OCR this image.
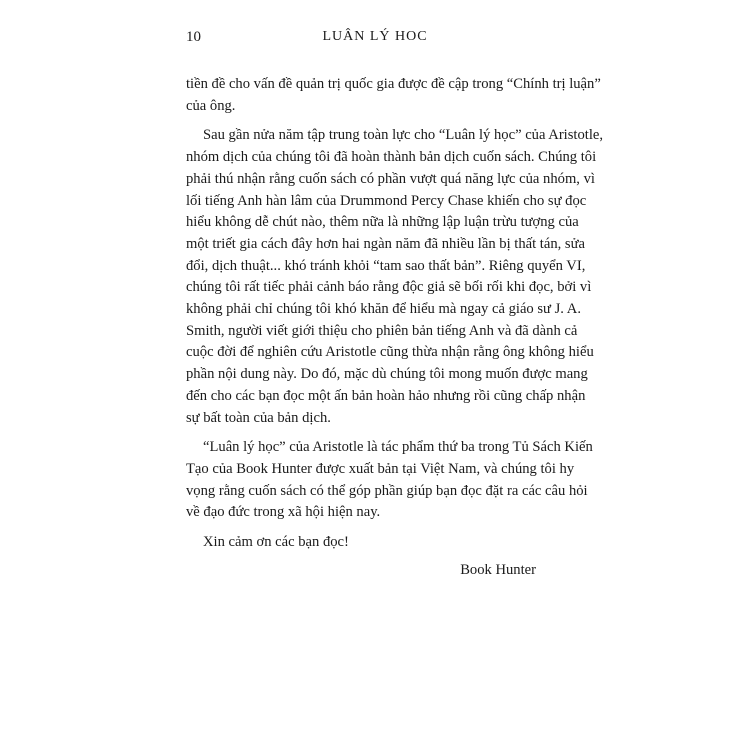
10	LUÂN LÝ HOC

tiền đề cho vấn đề quản trị quốc gia được đề cập trong “Chính trị luận”
của ông.

Sau gần nửa năm tập trung toàn lực cho “Luân lý học” của Aristotle,
nhóm dịch của chúng tôi đã hoàn thành bản dịch cuốn sách. Chúng tôi
phải thú nhận rằng cuốn sách có phần vượt quá năng lực của nhóm, vì
lối tiếng Anh hàn lâm của Drummond Percy Chase khiến cho sự đọc
hiểu không dễ chút nào, thêm nữa là những lập luận trừu tượng của
một triết gia cách đây hơn hai ngàn năm đã nhiều lần bị thất tán, sửa
đổi, dịch thuật... khó tránh khỏi “tam sao thất bản”. Riêng quyển VI,
chúng tôi rất tiếc phải cảnh báo rằng độc giả sẽ bối rối khi đọc, bởi vì
không phải chỉ chúng tôi khó khăn để hiểu mà ngay cả giáo sư J. A.
Smith, người viết giới thiệu cho phiên bản tiếng Anh và đã dành cả
cuộc đời để nghiên cứu Aristotle cũng thừa nhận rằng ông không hiểu
phần nội dung này. Do đó, mặc dù chúng tôi mong muốn được mang
đến cho các bạn đọc một ấn bản hoàn hảo nhưng rồi cũng chấp nhận
sự bất toàn của bản dịch.

“Luân lý học” của Aristotle là tác phẩm thứ ba trong Tủ Sách Kiến
Tạo của Book Hunter được xuất bản tại Việt Nam, và chúng tôi hy
vọng rằng cuốn sách có thể góp phần giúp bạn đọc đặt ra các câu hỏi
về đạo đức trong xã hội hiện nay.

Xin cảm ơn các bạn đọc!

Book Hunter
